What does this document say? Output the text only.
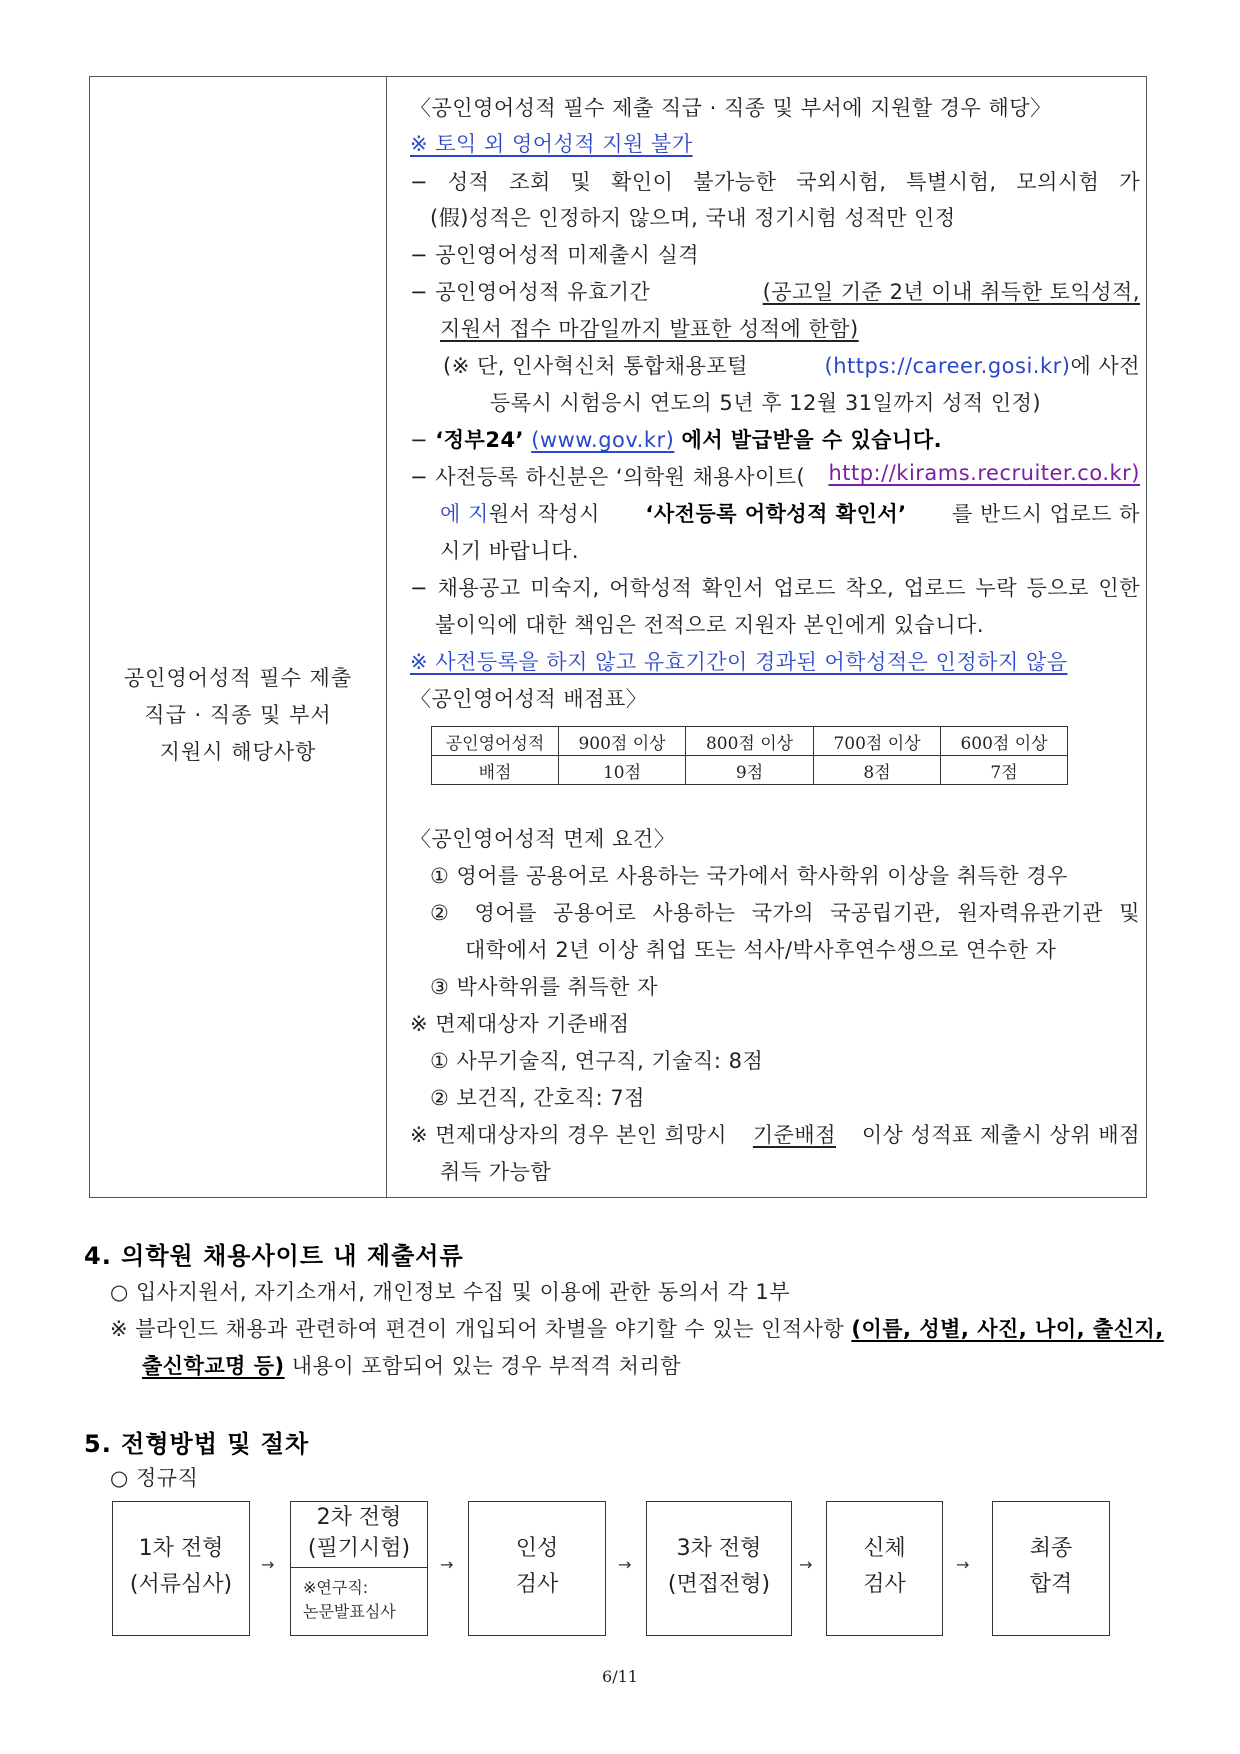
공인영어성적 필수 제출
직급 · 직종 및 부서
지원시 해당사항
〈공인영어성적 필수 제출 직급 · 직종 및 부서에 지원할 경우 해당〉
※ 토익 외 영어성적 지원 불가
− 성적 조회 및 확인이 불가능한 국외시험, 특별시험, 모의시험 가
(假)성적은 인정하지 않으며, 국내 정기시험 성적만 인정
− 공인영어성적 미제출시 실격
− 공인영어성적 유효기간	(공고일 기준 2년 이내 취득한 토익성적,
지원서 접수 마감일까지 발표한 성적에 한함)
(※ 단, 인사혁신처 통합채용포털	(https://career.gosi.kr)에 사전
등록시 시험응시 연도의 5년 후 12월 31일까지 성적 인정)
− ‘정부24’ (www.gov.kr) 에서 발급받을 수 있습니다.
− 사전등록 하신분은 ‘의학원 채용사이트( http://kirams.recruiter.co.kr)
에 지원서 작성시 ‘사전등록 어학성적 확인서’ 를 반드시 업로드 하
시기 바랍니다.
− 채용공고 미숙지, 어학성적 확인서 업로드 착오, 업로드 누락 등으로 인한
불이익에 대한 책임은 전적으로 지원자 본인에게 있습니다.
※ 사전등록을 하지 않고 유효기간이 경과된 어학성적은 인정하지 않음
〈공인영어성적 배점표〉
공인영어성적	900점 이상	800점 이상	700점 이상	600점 이상
배점	10점	9점	8점	7점
〈공인영어성적 면제 요건〉
① 영어를 공용어로 사용하는 국가에서 학사학위 이상을 취득한 경우
② 영어를 공용어로 사용하는 국가의 국공립기관, 원자력유관기관 및
대학에서 2년 이상 취업 또는 석사/박사후연수생으로 연수한 자
③ 박사학위를 취득한 자
※ 면제대상자 기준배점
① 사무기술직, 연구직, 기술직: 8점
② 보건직, 간호직: 7점
※ 면제대상자의 경우 본인 희망시 기준배점 이상 성적표 제출시 상위 배점
취득 가능함
4. 의학원 채용사이트 내 제출서류
○ 입사지원서, 자기소개서, 개인정보 수집 및 이용에 관한 동의서 각 1부
※ 블라인드 채용과 관련하여 편견이 개입되어 차별을 야기할 수 있는 인적사항 (이름, 성별, 사진, 나이, 출신지,
출신학교명 등) 내용이 포함되어 있는 경우 부적격 처리함
5. 전형방법 및 절차
○ 정규직
1차 전형
(서류심사)
→
2차 전형
(필기시험)
※연구직:
논문발표심사
→
인성
검사
→
3차 전형
(면접전형)
→
신체
검사
→
최종
합격
6/11
